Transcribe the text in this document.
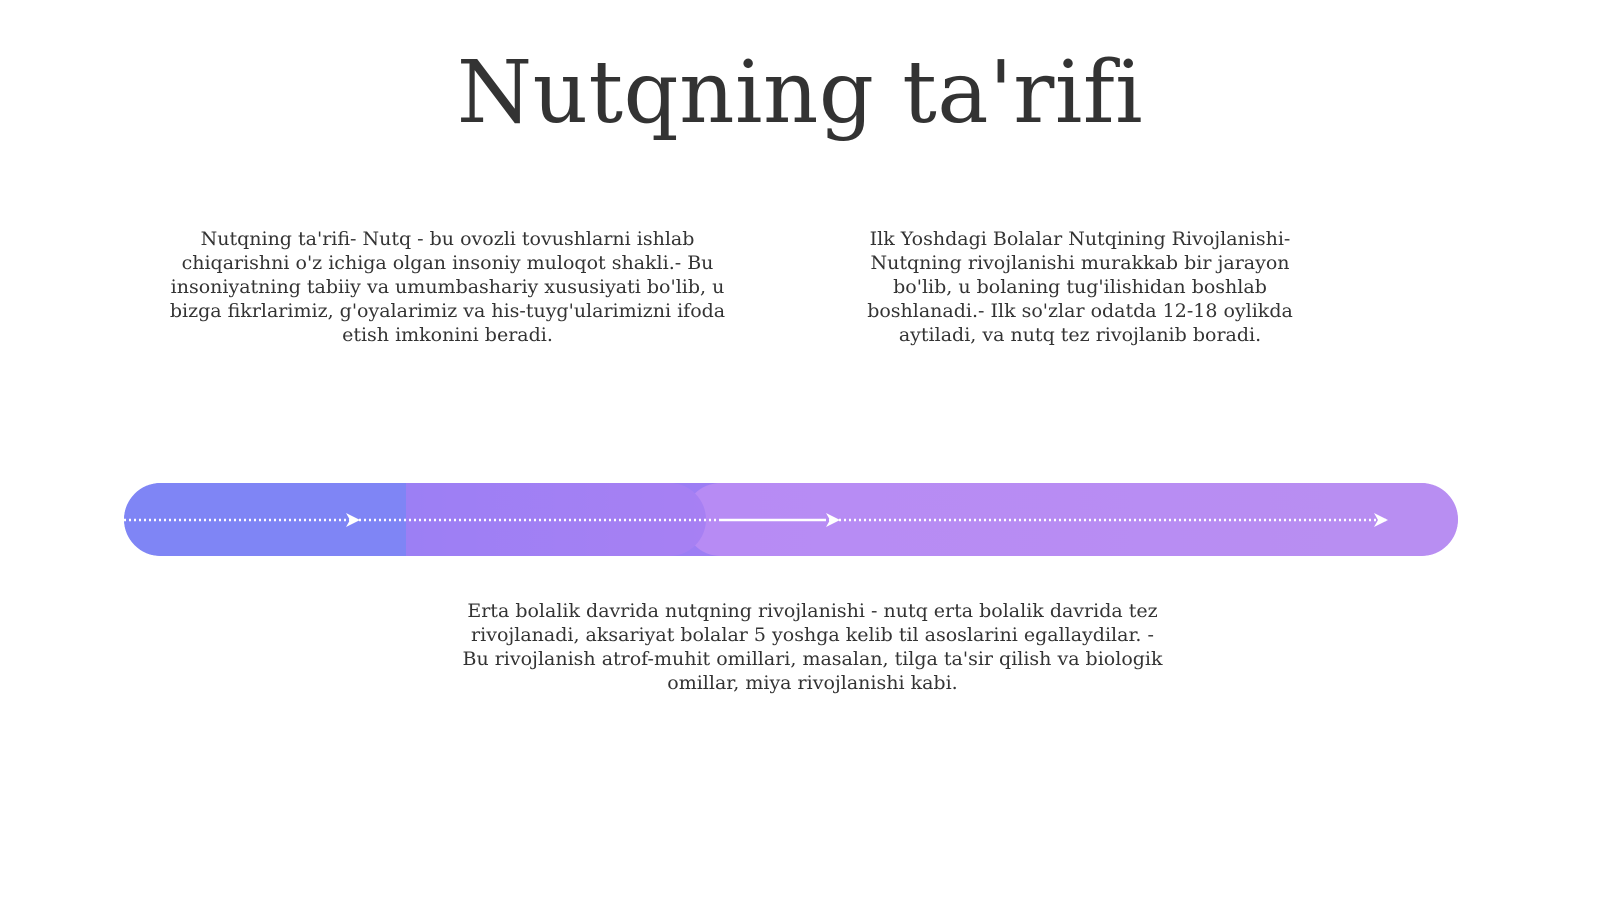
Nutqning ta'rifi
Nutqning ta'rifi- Nutq - bu ovozli tovushlarni ishlab chiqarishni o'z ichiga olgan insoniy muloqot shakli.- Bu insoniyatning tabiiy va umumbashariy xususiyati bo'lib, u bizga fikrlarimiz, g'oyalarimiz va his-tuyg'ularimizni ifoda etish imkonini beradi.
Ilk Yoshdagi Bolalar Nutqining Rivojlanishi- Nutqning rivojlanishi murakkab bir jarayon bo'lib, u bolaning tug'ilishidan boshlab boshlanadi.- Ilk so'zlar odatda 12-18 oylikda aytiladi, va nutq tez rivojlanib boradi.
Erta bolalik davrida nutqning rivojlanishi - nutq erta bolalik davrida tez rivojlanadi, aksariyat bolalar 5 yoshga kelib til asoslarini egallaydilar. - Bu rivojlanish atrof-muhit omillari, masalan, tilga ta'sir qilish va biologik omillar, miya rivojlanishi kabi.
